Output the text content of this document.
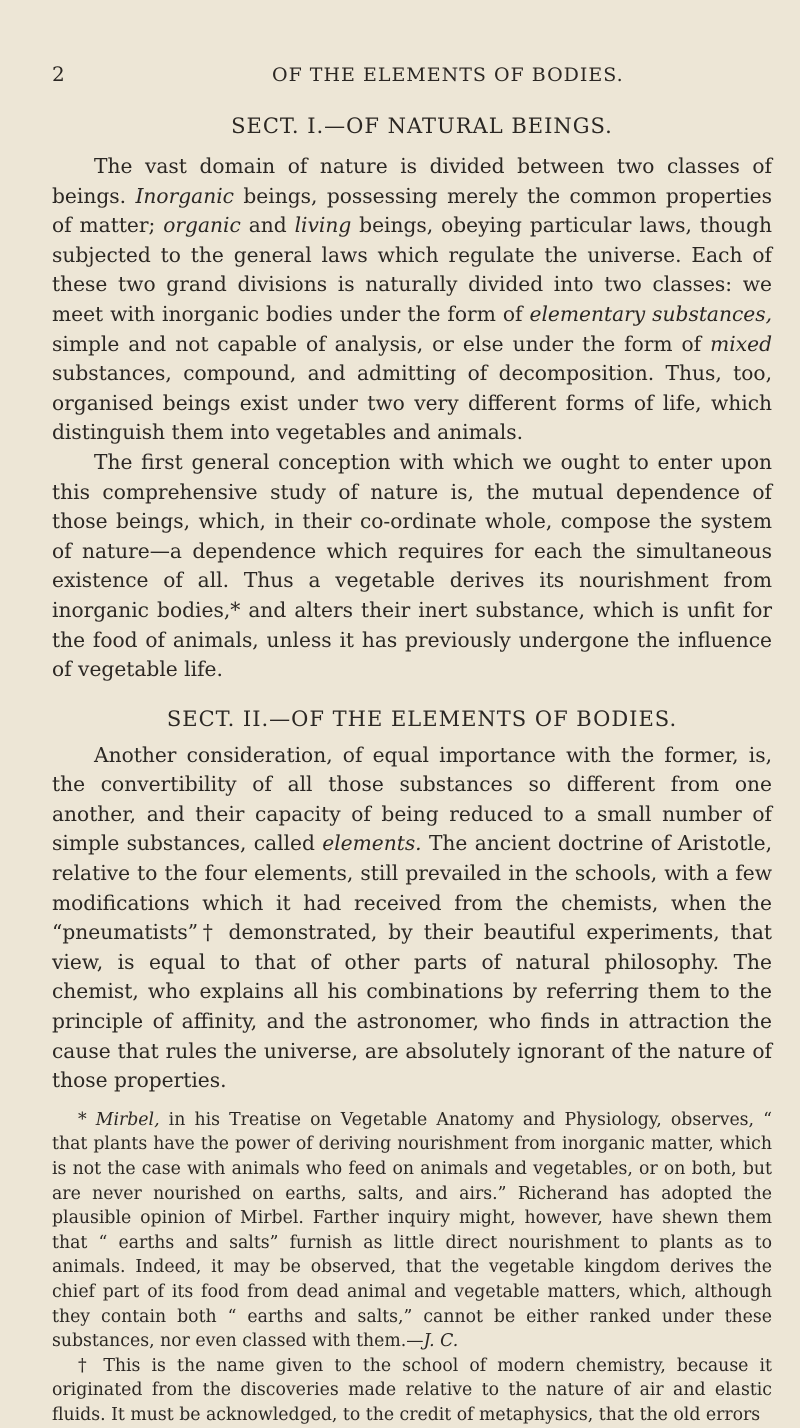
2	OF THE ELEMENTS OF BODIES.
SECT. I.—OF NATURAL BEINGS.

The vast domain of nature is divided between two classes of beings. Inorganic beings, possessing merely the common properties of matter; organic and living beings, obeying particular laws, though subjected to the general laws which regulate the universe. Each of these two grand divisions is naturally divided into two classes: we meet with inorganic bodies under the form of elementary substances, simple and not capable of analysis, or else under the form of mixed substances, compound, and admitting of decomposition. Thus, too, organised beings exist under two very different forms of life, which distinguish them into vegetables and animals.

The first general conception with which we ought to enter upon this comprehensive study of nature is, the mutual dependence of those beings, which, in their co-ordinate whole, compose the system of nature—a dependence which requires for each the simultaneous existence of all. Thus a vegetable derives its nourishment from inorganic bodies,* and alters their inert substance, which is unfit for the food of animals, unless it has previously undergone the influence of vegetable life.

SECT. II.—OF THE ELEMENTS OF BODIES.

Another consideration, of equal importance with the former, is, the convertibility of all those substances so different from one another, and their capacity of being reduced to a small number of simple substances, called elements. The ancient doctrine of Aristotle, relative to the four elements, still prevailed in the schools, with a few modifications which it had received from the chemists, when the “pneumatists”† demonstrated, by their beautiful experiments, that view, is equal to that of other parts of natural philosophy. The chemist, who explains all his combinations by referring them to the principle of affinity, and the astronomer, who finds in attraction the cause that rules the universe, are absolutely ignorant of the nature of those properties.

* Mirbel, in his Treatise on Vegetable Anatomy and Physiology, observes, “ that plants have the power of deriving nourishment from inorganic matter, which is not the case with animals who feed on animals and vegetables, or on both, but are never nourished on earths, salts, and airs.” Richerand has adopted the plausible opinion of Mirbel. Farther inquiry might, however, have shewn them that “ earths and salts” furnish as little direct nourishment to plants as to animals. Indeed, it may be observed, that the vegetable kingdom derives the chief part of its food from dead animal and vegetable matters, which, although they contain both “ earths and salts,” cannot be either ranked under these substances, nor even classed with them.—J. C.

† This is the name given to the school of modern chemistry, because it originated from the discoveries made relative to the nature of air and elastic fluids. It must be acknowledged, to the credit of metaphysics, that the old errors
